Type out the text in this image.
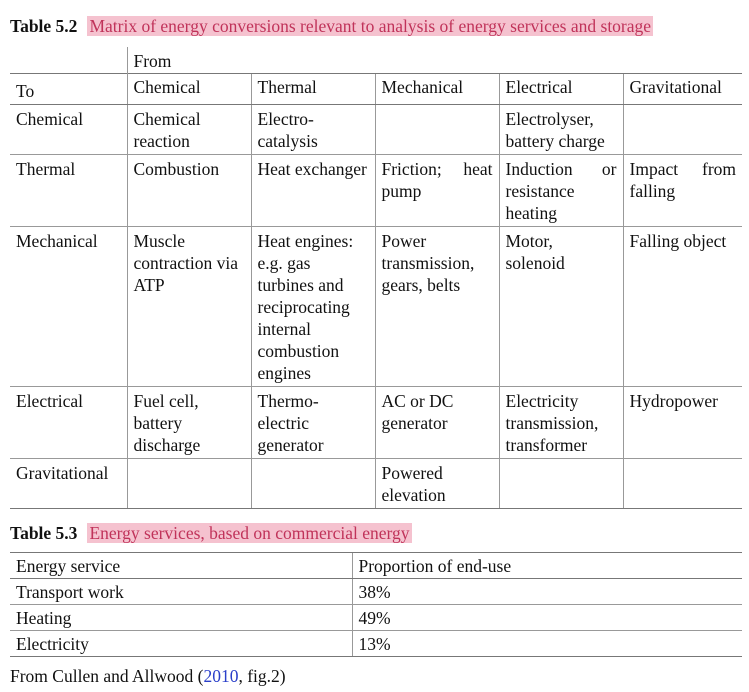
Table 5.2 Matrix of energy conversions relevant to analysis of energy services and storage
	From				
To	Chemical	Thermal	Mechanical	Electrical	Gravitational
Chemical	Chemical reaction	Electro-catalysis		Electrolyser, battery charge	
Thermal	Combustion	Heat exchanger	Friction; heat pump	Induction or resistance heating	Impact from falling
Mechanical	Muscle contraction via ATP	Heat engines: e.g. gas turbines and reciprocating internal combustion engines	Power transmission, gears, belts	Motor, solenoid	Falling object
Electrical	Fuel cell, battery discharge	Thermo-electric generator	AC or DC generator	Electricity transmission, transformer	Hydropower
Gravitational			Powered elevation		
Table 5.3 Energy services, based on commercial energy
Energy service	Proportion of end-use
Transport work	38%
Heating	49%
Electricity	13%
From Cullen and Allwood (2010, fig.2)
